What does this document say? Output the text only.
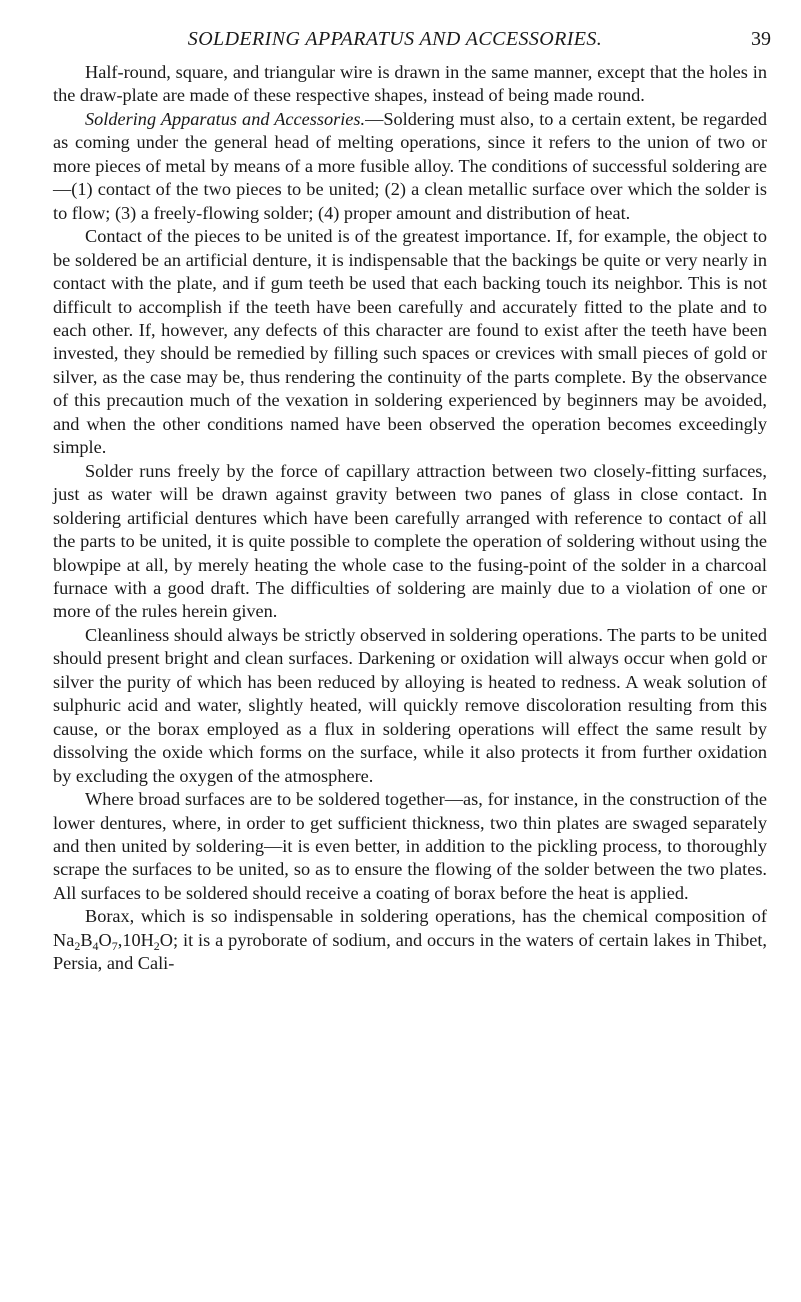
SOLDERING APPARATUS AND ACCESSORIES.	39

Half-round, square, and triangular wire is drawn in the same manner, except that the holes in the draw-plate are made of these respective shapes, instead of being made round.

Soldering Apparatus and Accessories.—Soldering must also, to a certain extent, be regarded as coming under the general head of melting operations, since it refers to the union of two or more pieces of metal by means of a more fusible alloy. The conditions of successful soldering are—(1) contact of the two pieces to be united; (2) a clean metallic surface over which the solder is to flow; (3) a freely-flowing solder; (4) proper amount and distribution of heat.

Contact of the pieces to be united is of the greatest importance. If, for example, the object to be soldered be an artificial denture, it is indispensable that the backings be quite or very nearly in contact with the plate, and if gum teeth be used that each backing touch its neighbor. This is not difficult to accomplish if the teeth have been carefully and accurately fitted to the plate and to each other. If, however, any defects of this character are found to exist after the teeth have been invested, they should be remedied by filling such spaces or crevices with small pieces of gold or silver, as the case may be, thus rendering the continuity of the parts complete. By the observance of this precaution much of the vexation in soldering experienced by beginners may be avoided, and when the other conditions named have been observed the operation becomes exceedingly simple.

Solder runs freely by the force of capillary attraction between two closely-fitting surfaces, just as water will be drawn against gravity between two panes of glass in close contact. In soldering artificial dentures which have been carefully arranged with reference to contact of all the parts to be united, it is quite possible to complete the operation of soldering without using the blowpipe at all, by merely heating the whole case to the fusing-point of the solder in a charcoal furnace with a good draft. The difficulties of soldering are mainly due to a violation of one or more of the rules herein given.

Cleanliness should always be strictly observed in soldering operations. The parts to be united should present bright and clean surfaces. Darkening or oxidation will always occur when gold or silver the purity of which has been reduced by alloying is heated to redness. A weak solution of sulphuric acid and water, slightly heated, will quickly remove discoloration resulting from this cause, or the borax employed as a flux in soldering operations will effect the same result by dissolving the oxide which forms on the surface, while it also protects it from further oxidation by excluding the oxygen of the atmosphere.

Where broad surfaces are to be soldered together—as, for instance, in the construction of the lower dentures, where, in order to get sufficient thickness, two thin plates are swaged separately and then united by soldering—it is even better, in addition to the pickling process, to thoroughly scrape the surfaces to be united, so as to ensure the flowing of the solder between the two plates. All surfaces to be soldered should receive a coating of borax before the heat is applied.

Borax, which is so indispensable in soldering operations, has the chemical composition of $Na_2B_4O_7,10H_2O$; it is a pyroborate of sodium, and occurs in the waters of certain lakes in Thibet, Persia, and Cali-
